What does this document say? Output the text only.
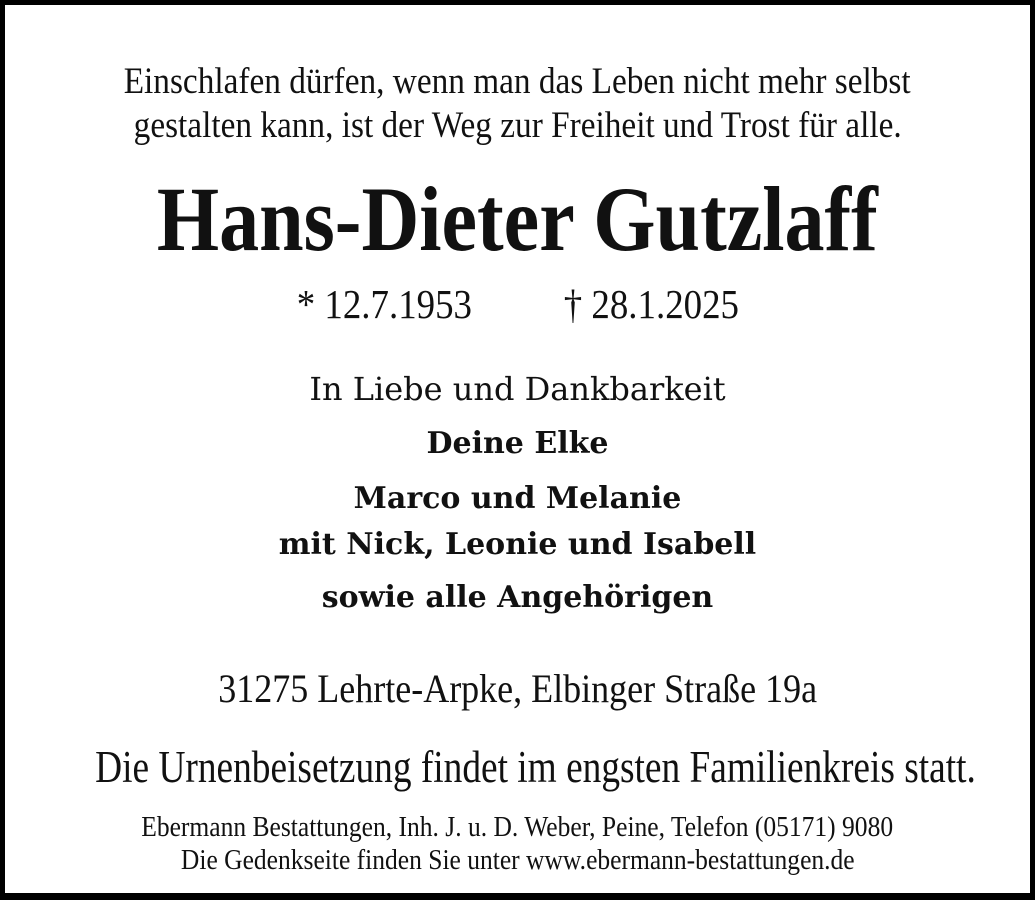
Einschlafen dürfen, wenn man das Leben nicht mehr selbst
gestalten kann, ist der Weg zur Freiheit und Trost für alle.
Hans-Dieter Gutzlaff
* 12.7.1953 † 28.1.2025
In Liebe und Dankbarkeit
Deine Elke
Marco und Melanie
mit Nick, Leonie und Isabell
sowie alle Angehörigen
31275 Lehrte-Arpke, Elbinger Straße 19a
Die Urnenbeisetzung findet im engsten Familienkreis statt.
Ebermann Bestattungen, Inh. J. u. D. Weber, Peine, Telefon (05171) 9080
Die Gedenkseite finden Sie unter www.ebermann-bestattungen.de
